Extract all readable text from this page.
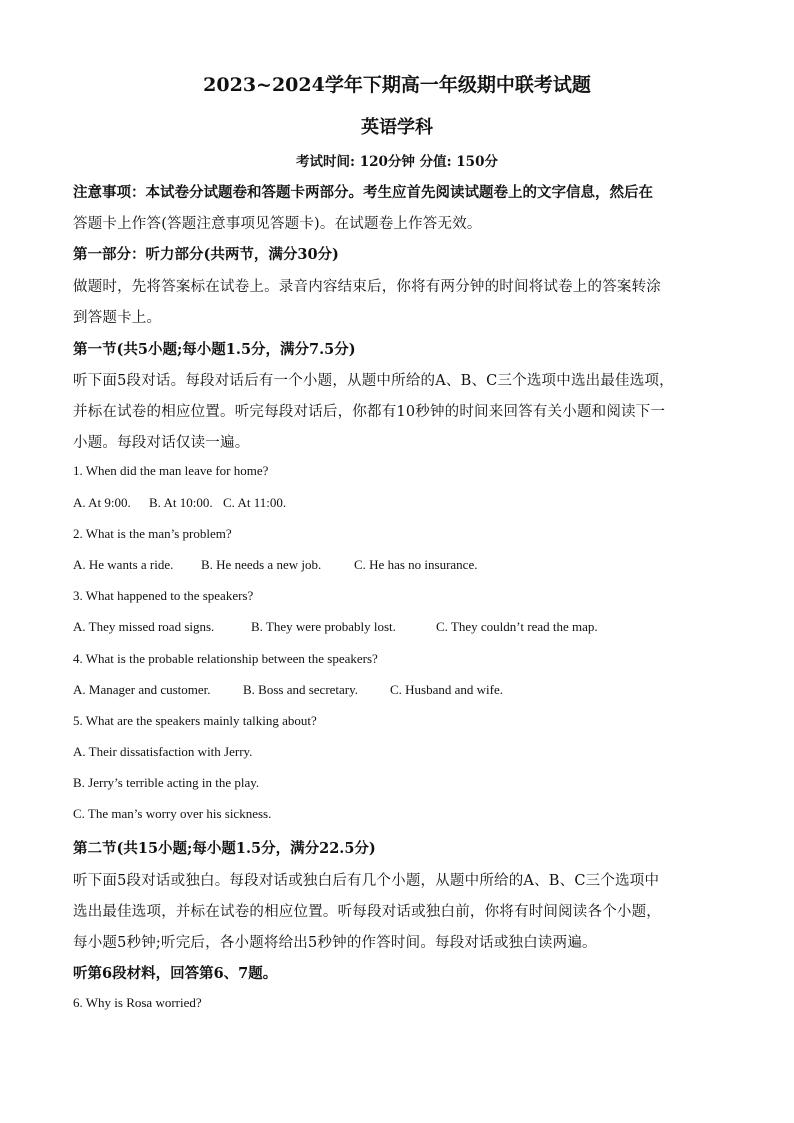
2023~2024学年下期高一年级期中联考试题
英语学科
考试时间: 120分钟 分值: 150分
注意事项：本试卷分试题卷和答题卡两部分。考生应首先阅读试题卷上的文字信息，然后在
答题卡上作答(答题注意事项见答题卡)。在试题卷上作答无效。
第一部分：听力部分(共两节，满分30分)
做题时，先将答案标在试卷上。录音内容结束后，你将有两分钟的时间将试卷上的答案转涂
到答题卡上。
第一节(共5小题;每小题1.5分，满分7.5分)
听下面5段对话。每段对话后有一个小题，从题中所给的A、B、C三个选项中选出最佳选项，
并标在试卷的相应位置。听完每段对话后，你都有10秒钟的时间来回答有关小题和阅读下一
小题。每段对话仅读一遍。
1. When did the man leave for home?
A. At 9:00. B. At 10:00. C. At 11:00.
2. What is the man’s problem?
A. He wants a ride. B. He needs a new job.	C. He has no insurance.
3. What happened to the speakers?
A. They missed road signs.	B. They were probably lost.	C. They couldn’t read the map.
4. What is the probable relationship between the speakers?
A. Manager and customer. B. Boss and secretary. C. Husband and wife.
5. What are the speakers mainly talking about?
A. Their dissatisfaction with Jerry.
B. Jerry’s terrible acting in the play.
C. The man’s worry over his sickness.
第二节(共15小题;每小题1.5分，满分22.5分)
听下面5段对话或独白。每段对话或独白后有几个小题，从题中所给的A、B、C三个选项中
选出最佳选项，并标在试卷的相应位置。听每段对话或独白前，你将有时间阅读各个小题，
每小题5秒钟;听完后，各小题将给出5秒钟的作答时间。每段对话或独白读两遍。
听第6段材料，回答第6、7题。
6. Why is Rosa worried?
